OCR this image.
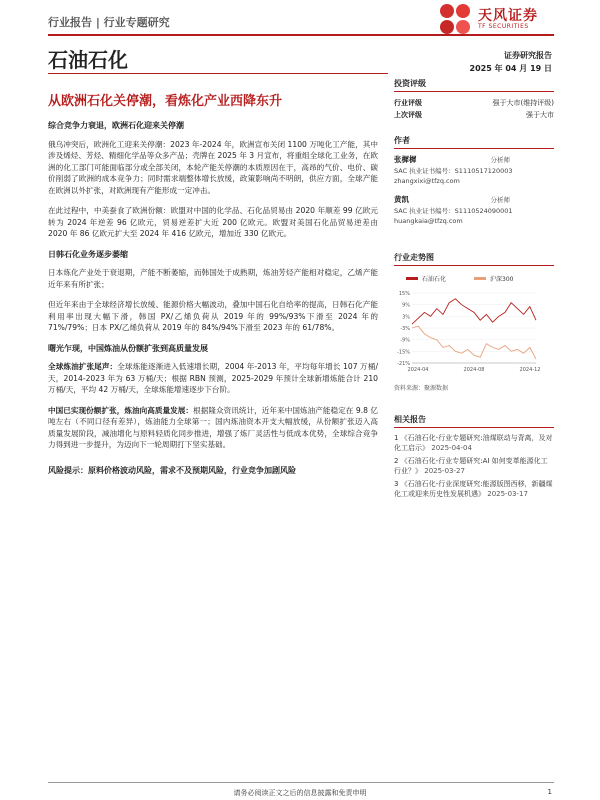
行业报告 | 行业专题研究	天风证券
TF SECURITIES
石油石化	证券研究报告
2025 年 04 月 19 日
从欧洲石化关停潮，看炼化产业西降东升
综合竞争力衰退，欧洲石化迎来关停潮

俄乌冲突后，欧洲化工迎来关停潮：2023 年-2024 年，欧洲宣布关闭 1100 万吨化工产能，其中涉及烯烃、芳烃、精细化学品等众多产品；壳牌在 2025 年 3 月宣布，将重组全球化工业务，在欧洲的化工部门可能面临部分或全部关闭，本轮产能关停潮的本质原因在于，高昂的气价、电价、碳价削弱了欧洲的成本竞争力；同时需求端整体增长放缓，政策影响尚不明朗，供应方面，全球产能在欧洲以外扩张，对欧洲现有产能形成一定冲击。

在此过程中，中美蚕食了欧洲份额：欧盟对中国的化学品、石化品贸易由 2020 年顺差 99 亿欧元转为 2024 年逆差 96 亿欧元，贸易逆差扩大近 200 亿欧元。欧盟对美国石化品贸易逆差由 2020 年 86 亿欧元扩大至 2024 年 416 亿欧元，增加近 330 亿欧元。

日韩石化业务逐步萎缩

日本炼化产业处于衰退期，产能不断萎缩，而韩国处于成熟期，炼油芳烃产能相对稳定，乙烯产能近年来有所扩张；

但近年来由于全球经济增长放缓、能源价格大幅波动，叠加中国石化自给率的提高，日韩石化产能利用率出现大幅下滑，韩国 PX/乙烯负荷从 2019 年的 99%/93%下滑至 2024 年的 71%/79%；日本 PX/乙烯负荷从 2019 年的 84%/94%下滑至 2023 年的 61/78%。

曙光乍现，中国炼油从份额扩张到高质量发展

全球炼油扩张尾声：全球炼能逐渐进入低速增长期，2004 年-2013 年，平均每年增长 107 万桶/天，2014-2023 年为 63 万桶/天；根据 RBN 预测，2025-2029 年预计全球新增炼能合计 210 万桶/天，平均 42 万桶/天，全球炼能增速逐步下台阶。

中国已实现份额扩张，炼油向高质量发展：根据隆众资讯统计，近年来中国炼油产能稳定在 9.8 亿吨左右（不同口径有差异），炼油能力全球第一；国内炼油资本开支大幅放缓，从份额扩张迈入高质量发展阶段，减油增化与原料轻质化同步推进，增强了炼厂灵活性与低成本优势，全球综合竞争力得到进一步提升，为迈向下一轮周期打下坚实基础。

风险提示：原料价格波动风险，需求不及预期风险，行业竞争加剧风险
投资评级
行业评级	强于大市(维持评级)
上次评级	强于大市
作者
张樨樨	分析师
SAC 执业证书编号：S1110517120003
zhangxixi@tfzq.com
黄凯	分析师
SAC 执业证书编号：S1110524090001
huangkaia@tfzq.com
行业走势图
石油石化	沪深300
15%
9%
3%
-3%
-9%
-15%
-21%
2024-04	2024-08	2024-12
资料来源：聚源数据
相关报告
1 《石油石化-行业专题研究:油煤联动与背离，及对化工启示》 2025-04-04
2 《石油石化-行业专题研究:AI 如何变革能源化工行业？》 2025-03-27
3 《石油石化-行业深度研究:能源版图西移，新疆煤化工或迎来历史性发展机遇》 2025-03-17
请务必阅读正文之后的信息披露和免责申明	1
